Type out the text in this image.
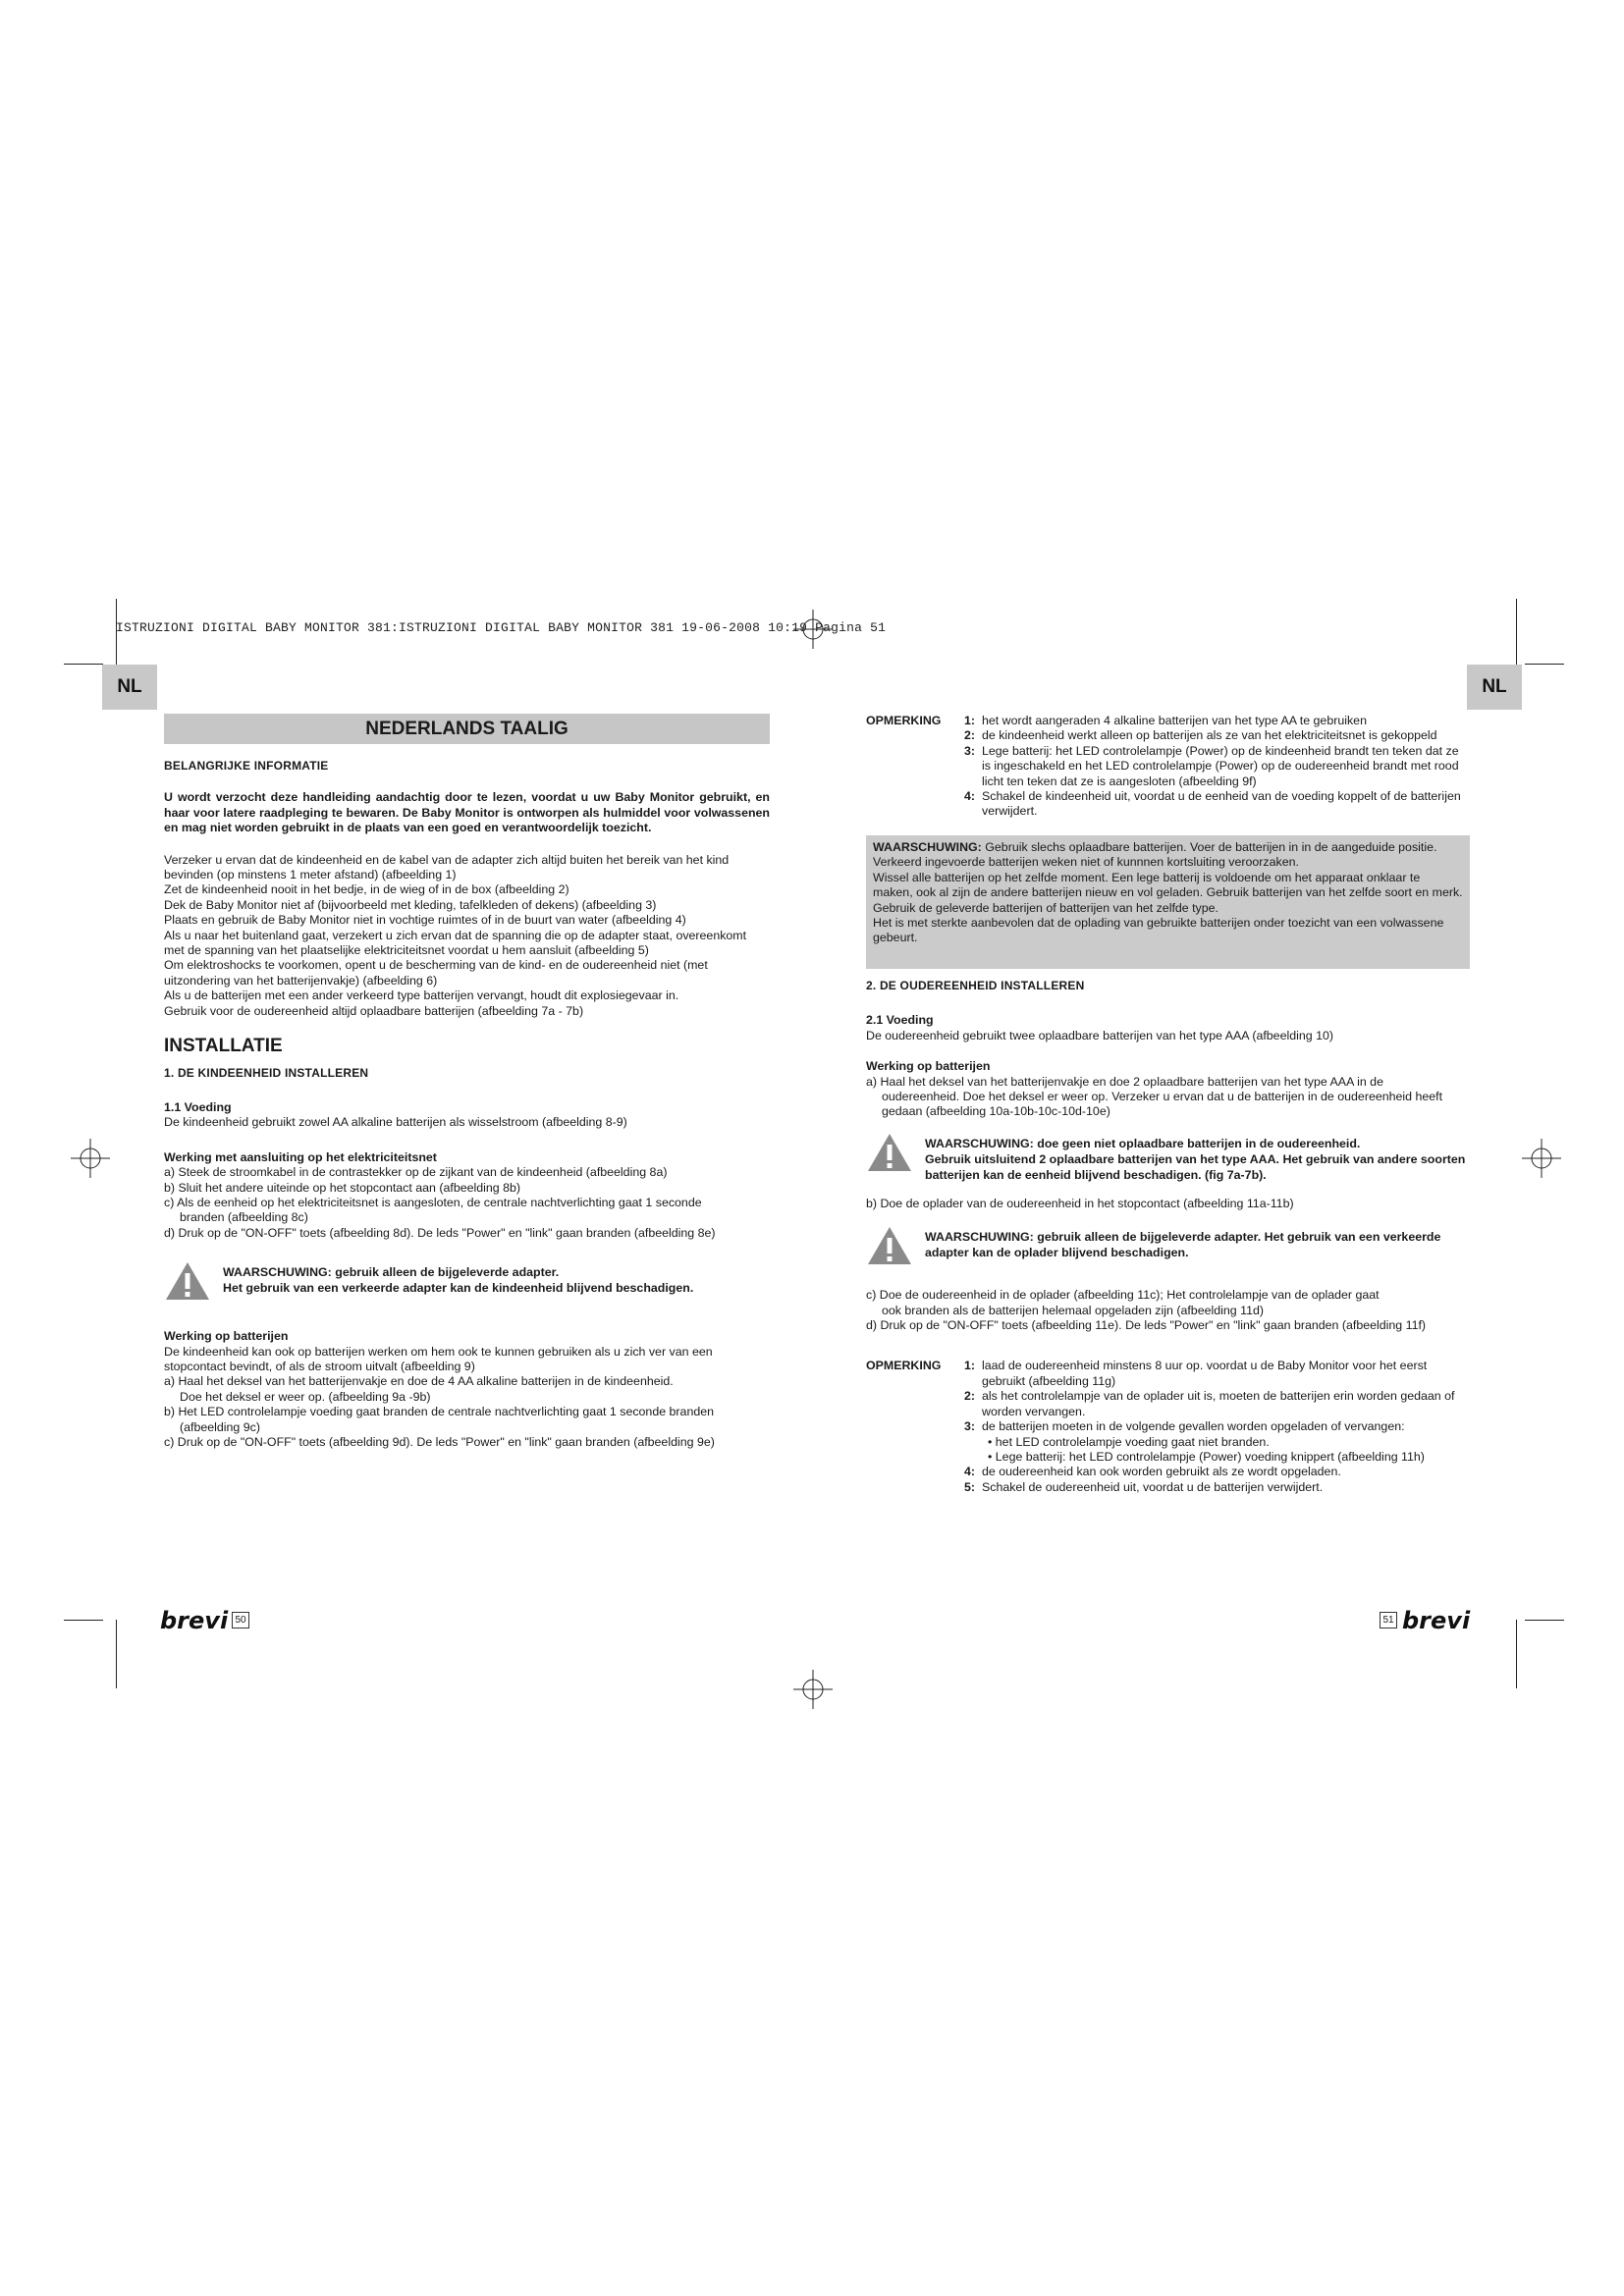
ISTRUZIONI DIGITAL BABY MONITOR 381:ISTRUZIONI DIGITAL BABY MONITOR 381 19-06-2008 10:19 Pagina 51
NL	NL
NEDERLANDS TAALIG

BELANGRIJKE INFORMATIE

U wordt verzocht deze handleiding aandachtig door te lezen, voordat u uw Baby Monitor gebruikt, en haar voor latere raadpleging te bewaren. De Baby Monitor is ontworpen als hulmiddel voor volwassenen en mag niet worden gebruikt in de plaats van een goed en verantwoordelijk toezicht.

Verzeker u ervan dat de kindeenheid en de kabel van de adapter zich altijd buiten het bereik van het kind bevinden (op minstens 1 meter afstand) (afbeelding 1)

Zet de kindeenheid nooit in het bedje, in de wieg of in de box (afbeelding 2)

Dek de Baby Monitor niet af (bijvoorbeeld met kleding, tafelkleden of dekens) (afbeelding 3)

Plaats en gebruik de Baby Monitor niet in vochtige ruimtes of in de buurt van water (afbeelding 4)

Als u naar het buitenland gaat, verzekert u zich ervan dat de spanning die op de adapter staat, overeenkomt met de spanning van het plaatselijke elektriciteitsnet voordat u hem aansluit (afbeelding 5)

Om elektroshocks te voorkomen, opent u de bescherming van de kind- en de oudereenheid niet (met uitzondering van het batterijenvakje) (afbeelding 6)

Als u de batterijen met een ander verkeerd type batterijen vervangt, houdt dit explosiegevaar in.

Gebruik voor de oudereenheid altijd oplaadbare batterijen (afbeelding 7a - 7b)

INSTALLATIE

1. DE KINDEENHEID INSTALLEREN

1.1 Voeding

De kindeenheid gebruikt zowel AA alkaline batterijen als wisselstroom (afbeelding 8-9)

Werking met aansluiting op het elektriciteitsnet

a) Steek de stroomkabel in de contrastekker op de zijkant van de kindeenheid (afbeelding 8a)

b) Sluit het andere uiteinde op het stopcontact aan (afbeelding 8b)

c) Als de eenheid op het elektriciteitsnet is aangesloten, de centrale nachtverlichting gaat 1 seconde

branden (afbeelding 8c)

d) Druk op de "ON-OFF" toets (afbeelding 8d). De leds "Power" en "link" gaan branden (afbeelding 8e)

WAARSCHUWING: gebruik alleen de bijgeleverde adapter.
Het gebruik van een verkeerde adapter kan de kindeenheid blijvend beschadigen.

Werking op batterijen

De kindeenheid kan ook op batterijen werken om hem ook te kunnen gebruiken als u zich ver van een stopcontact bevindt, of als de stroom uitvalt (afbeelding 9)

a) Haal het deksel van het batterijenvakje en doe de 4 AA alkaline batterijen in de kindeenheid.

Doe het deksel er weer op. (afbeelding 9a -9b)

b) Het LED controlelampje voeding gaat branden de centrale nachtverlichting gaat 1 seconde branden

(afbeelding 9c)

c) Druk op de "ON-OFF" toets (afbeelding 9d). De leds "Power" en "link" gaan branden (afbeelding 9e)

brevi 50
OPMERKING	1: het wordt aangeraden 4 alkaline batterijen van het type AA te gebruiken
2: de kindeenheid werkt alleen op batterijen als ze van het elektriciteitsnet is gekoppeld
3: Lege batterij: het LED controlelampje (Power) op de kindeenheid brandt ten teken dat ze is ingeschakeld en het LED controlelampje (Power) op de oudereenheid brandt met rood licht ten teken dat ze is aangesloten (afbeelding 9f)
4: Schakel de kindeenheid uit, voordat u de eenheid van de voeding koppelt of de batterijen verwijdert.

WAARSCHUWING: Gebruik slechs oplaadbare batterijen. Voer de batterijen in in de aangeduide positie. Verkeerd ingevoerde batterijen weken niet of kunnnen kortsluiting veroorzaken.

Wissel alle batterijen op het zelfde moment. Een lege batterij is voldoende om het apparaat onklaar te maken, ook al zijn de andere batterijen nieuw en vol geladen. Gebruik batterijen van het zelfde soort en merk. Gebruik de geleverde batterijen of batterijen van het zelfde type.

Het is met sterkte aanbevolen dat de oplading van gebruikte batterijen onder toezicht van een volwassene gebeurt.

2. DE OUDEREENHEID INSTALLEREN

2.1 Voeding

De oudereenheid gebruikt twee oplaadbare batterijen van het type AAA (afbeelding 10)

Werking op batterijen

a) Haal het deksel van het batterijenvakje en doe 2 oplaadbare batterijen van het type AAA in de

oudereenheid. Doe het deksel er weer op. Verzeker u ervan dat u de batterijen in de oudereenheid heeft gedaan (afbeelding 10a-10b-10c-10d-10e)

WAARSCHUWING: doe geen niet oplaadbare batterijen in de oudereenheid.
Gebruik uitsluitend 2 oplaadbare batterijen van het type AAA. Het gebruik van andere soorten batterijen kan de eenheid blijvend beschadigen. (fig 7a-7b).

b) Doe de oplader van de oudereenheid in het stopcontact (afbeelding 11a-11b)

WAARSCHUWING: gebruik alleen de bijgeleverde adapter. Het gebruik van een verkeerde adapter kan de oplader blijvend beschadigen.

c) Doe de oudereenheid in de oplader (afbeelding 11c); Het controlelampje van de oplader gaat

ook branden als de batterijen helemaal opgeladen zijn (afbeelding 11d)

d) Druk op de "ON-OFF" toets (afbeelding 11e). De leds "Power" en "link" gaan branden (afbeelding 11f)

OPMERKING	1: laad de oudereenheid minstens 8 uur op. voordat u de Baby Monitor voor het eerst gebruikt (afbeelding 11g)
2: als het controlelampje van de oplader uit is, moeten de batterijen erin worden gedaan of worden vervangen.
3: de batterijen moeten in de volgende gevallen worden opgeladen of vervangen:
• het LED controlelampje voeding gaat niet branden.
• Lege batterij: het LED controlelampje (Power) voeding knippert (afbeelding 11h)
4: de oudereenheid kan ook worden gebruikt als ze wordt opgeladen.
5: Schakel de oudereenheid uit, voordat u de batterijen verwijdert.
51 brevi
